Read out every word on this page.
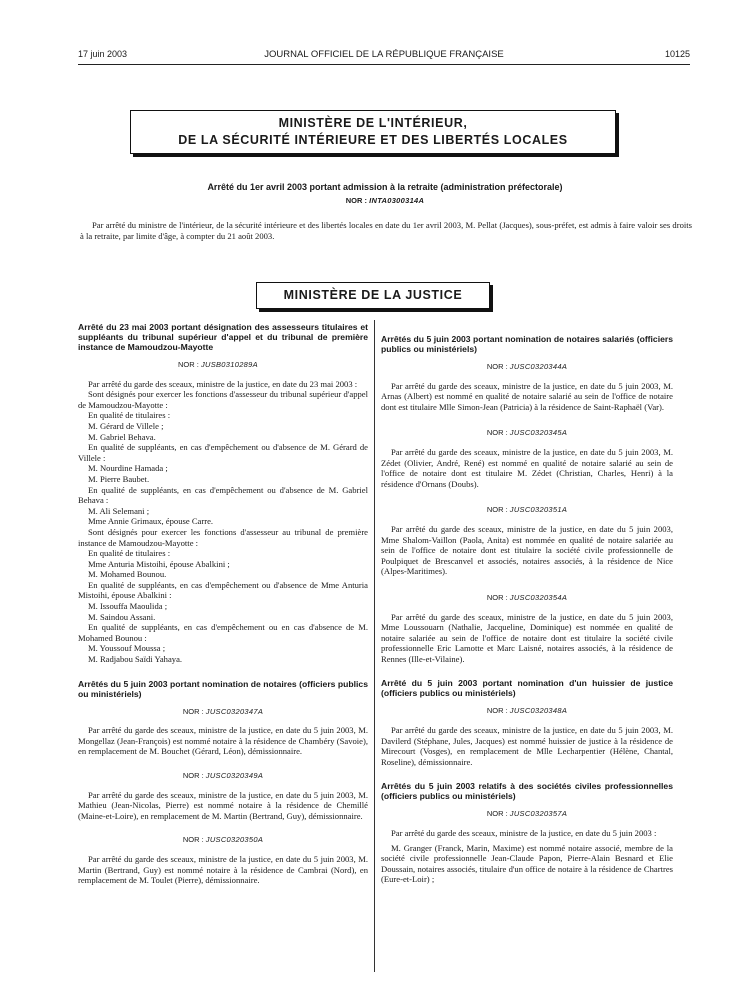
17 juin 2003	JOURNAL OFFICIEL DE LA RÉPUBLIQUE FRANÇAISE	10125
MINISTÈRE DE L'INTÉRIEUR,
DE LA SÉCURITÉ INTÉRIEURE ET DES LIBERTÉS LOCALES
Arrêté du 1er avril 2003 portant admission à la retraite (administration préfectorale)
NOR : INTA0300314A

Par arrêté du ministre de l'intérieur, de la sécurité intérieure et des libertés locales en date du 1er avril 2003, M. Pellat (Jacques), sous-préfet, est admis à faire valoir ses droits à la retraite, par limite d'âge, à compter du 21 août 2003.

MINISTÈRE DE LA JUSTICE

Arrêté du 23 mai 2003 portant désignation des assesseurs titulaires et suppléants du tribunal supérieur d'appel et du tribunal de première instance de Mamoudzou-Mayotte

NOR : JUSB0310289A

Par arrêté du garde des sceaux, ministre de la justice, en date du 23 mai 2003 :

Sont désignés pour exercer les fonctions d'assesseur du tribunal supérieur d'appel de Mamoudzou-Mayotte :

En qualité de titulaires :

M. Gérard de Villele ;

M. Gabriel Behava.

En qualité de suppléants, en cas d'empêchement ou d'absence de M. Gérard de Villele :

M. Nourdine Hamada ;

M. Pierre Baubet.

En qualité de suppléants, en cas d'empêchement ou d'absence de M. Gabriel Behava :

M. Ali Selemani ;

Mme Annie Grimaux, épouse Carre.

Sont désignés pour exercer les fonctions d'assesseur au tribunal de première instance de Mamoudzou-Mayotte :

En qualité de titulaires :

Mme Anturia Mistoihi, épouse Abalkini ;

M. Mohamed Bounou.

En qualité de suppléants, en cas d'empêchement ou d'absence de Mme Anturia Mistoihi, épouse Abalkini :

M. Issouffa Maoulida ;

M. Saindou Assani.

En qualité de suppléants, en cas d'empêchement ou en cas d'absence de M. Mohamed Bounou :

M. Youssouf Moussa ;

M. Radjabou Saïdi Yahaya.

Arrêtés du 5 juin 2003 portant nomination de notaires (officiers publics ou ministériels)

NOR : JUSC0320347A

Par arrêté du garde des sceaux, ministre de la justice, en date du 5 juin 2003, M. Mongellaz (Jean-François) est nommé notaire à la résidence de Chambéry (Savoie), en remplacement de M. Bouchet (Gérard, Léon), démissionnaire.

NOR : JUSC0320349A

Par arrêté du garde des sceaux, ministre de la justice, en date du 5 juin 2003, M. Mathieu (Jean-Nicolas, Pierre) est nommé notaire à la résidence de Chemillé (Maine-et-Loire), en remplacement de M. Martin (Bertrand, Guy), démissionnaire.

NOR : JUSC0320350A

Par arrêté du garde des sceaux, ministre de la justice, en date du 5 juin 2003, M. Martin (Bertrand, Guy) est nommé notaire à la résidence de Cambrai (Nord), en remplacement de M. Toulet (Pierre), démissionnaire.

Arrêtés du 5 juin 2003 portant nomination de notaires salariés (officiers publics ou ministériels)

NOR : JUSC0320344A

Par arrêté du garde des sceaux, ministre de la justice, en date du 5 juin 2003, M. Arnas (Albert) est nommé en qualité de notaire salarié au sein de l'office de notaire dont est titulaire Mlle Simon-Jean (Patricia) à la résidence de Saint-Raphaël (Var).

NOR : JUSC0320345A

Par arrêté du garde des sceaux, ministre de la justice, en date du 5 juin 2003, M. Zédet (Olivier, André, René) est nommé en qualité de notaire salarié au sein de l'office de notaire dont est titulaire M. Zédet (Christian, Charles, Henri) à la résidence d'Ornans (Doubs).

NOR : JUSC0320351A

Par arrêté du garde des sceaux, ministre de la justice, en date du 5 juin 2003, Mme Shalom-Vaillon (Paola, Anita) est nommée en qualité de notaire salariée au sein de l'office de notaire dont est titulaire la société civile professionnelle de Poulpiquet de Brescanvel et associés, notaires associés, à la résidence de Nice (Alpes-Maritimes).

NOR : JUSC0320354A

Par arrêté du garde des sceaux, ministre de la justice, en date du 5 juin 2003, Mme Loussouarn (Nathalie, Jacqueline, Dominique) est nommée en qualité de notaire salariée au sein de l'office de notaire dont est titulaire la société civile professionnelle Eric Lamotte et Marc Laisné, notaires associés, à la résidence de Rennes (Ille-et-Vilaine).

Arrêté du 5 juin 2003 portant nomination d'un huissier de justice (officiers publics ou ministériels)

NOR : JUSC0320348A

Par arrêté du garde des sceaux, ministre de la justice, en date du 5 juin 2003, M. Davilerd (Stéphane, Jules, Jacques) est nommé huissier de justice à la résidence de Mirecourt (Vosges), en remplacement de Mlle Lecharpentier (Hélène, Chantal, Roseline), démissionnaire.

Arrêtés du 5 juin 2003 relatifs à des sociétés civiles professionnelles (officiers publics ou ministériels)

NOR : JUSC0320357A

Par arrêté du garde des sceaux, ministre de la justice, en date du 5 juin 2003 :

M. Granger (Franck, Marin, Maxime) est nommé notaire associé, membre de la société civile professionnelle Jean-Claude Papon, Pierre-Alain Besnard et Elie Doussain, notaires associés, titulaire d'un office de notaire à la résidence de Chartres (Eure-et-Loir) ;
